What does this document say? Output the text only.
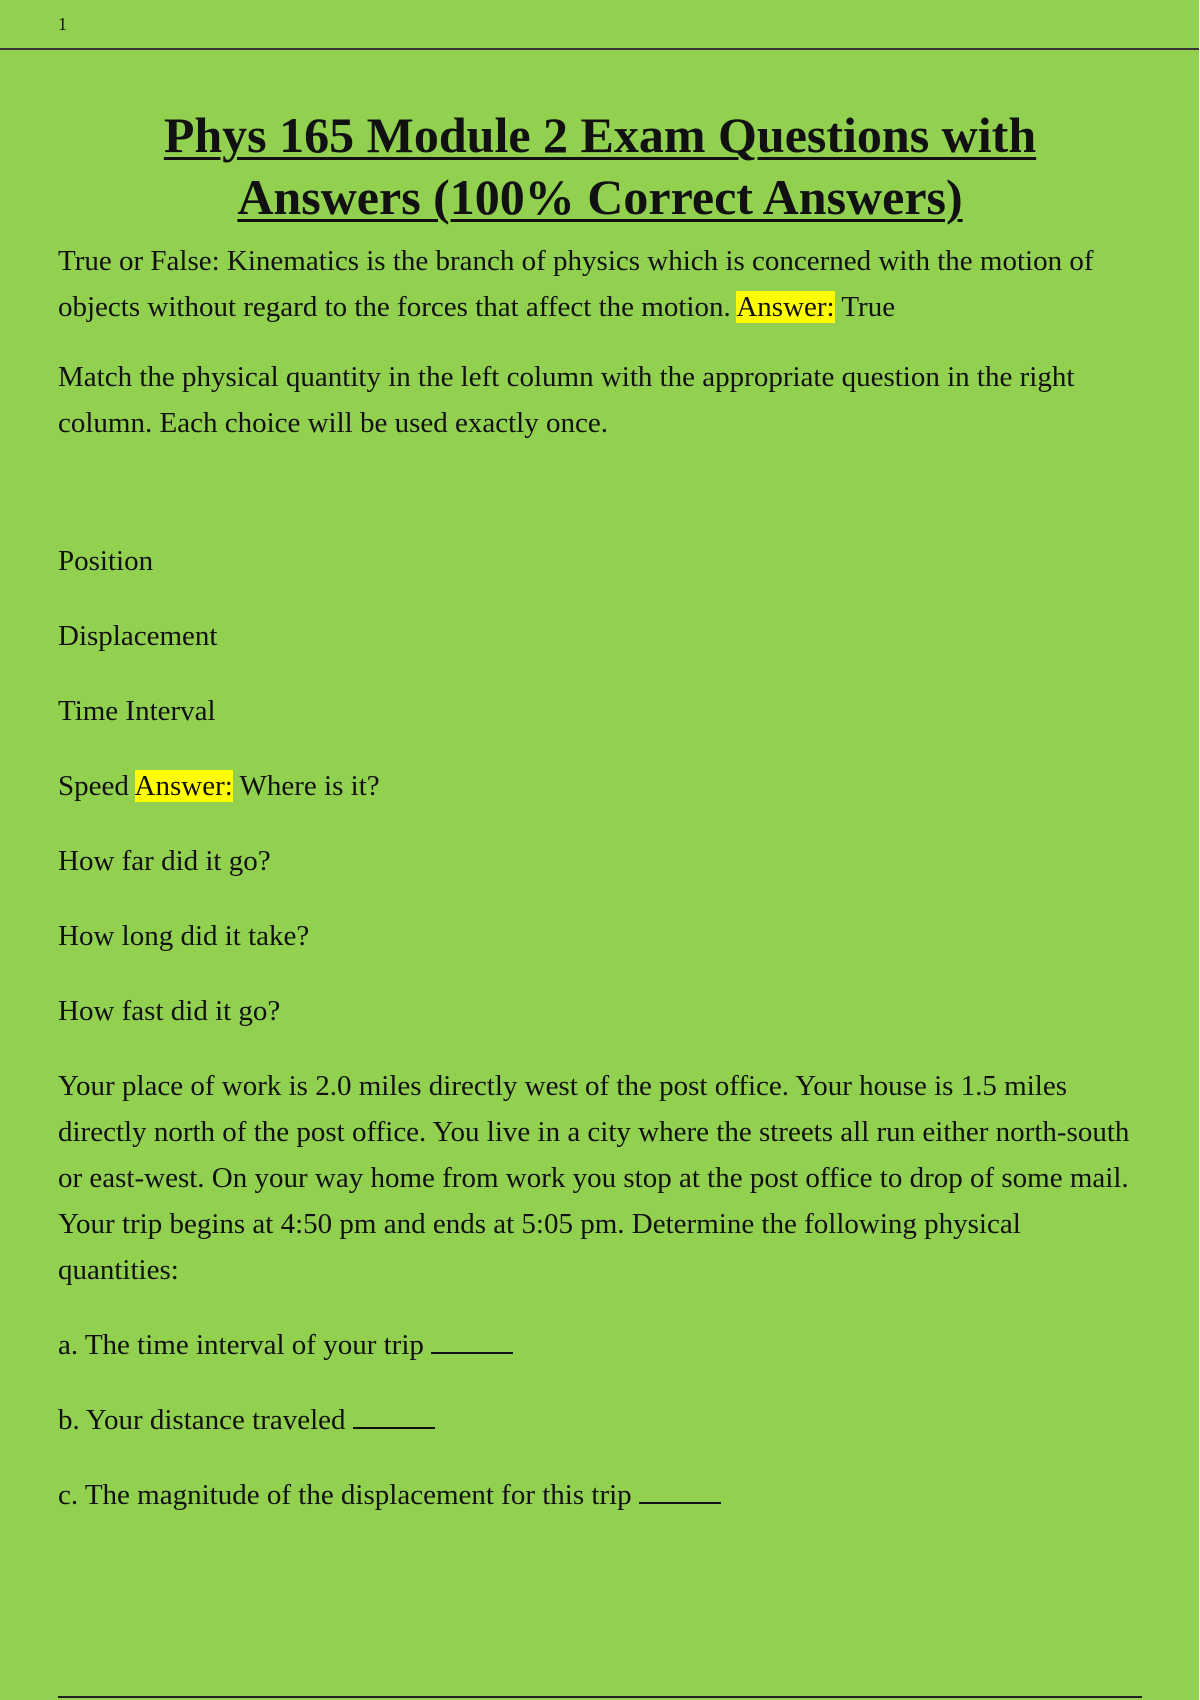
1
Phys 165 Module 2 Exam Questions with
Answers (100% Correct Answers)

True or False: Kinematics is the branch of physics which is concerned with the motion of objects without regard to the forces that affect the motion. Answer: True

Match the physical quantity in the left column with the appropriate question in the right column. Each choice will be used exactly once.

Position

Displacement

Time Interval

Speed Answer: Where is it?

How far did it go?

How long did it take?

How fast did it go?

Your place of work is 2.0 miles directly west of the post office. Your house is 1.5 miles directly north of the post office. You live in a city where the streets all run either north-south or east-west. On your way home from work you stop at the post office to drop of some mail. Your trip begins at 4:50 pm and ends at 5:05 pm. Determine the following physical quantities:

a. The time interval of your trip

b. Your distance traveled

c. The magnitude of the displacement for this trip
